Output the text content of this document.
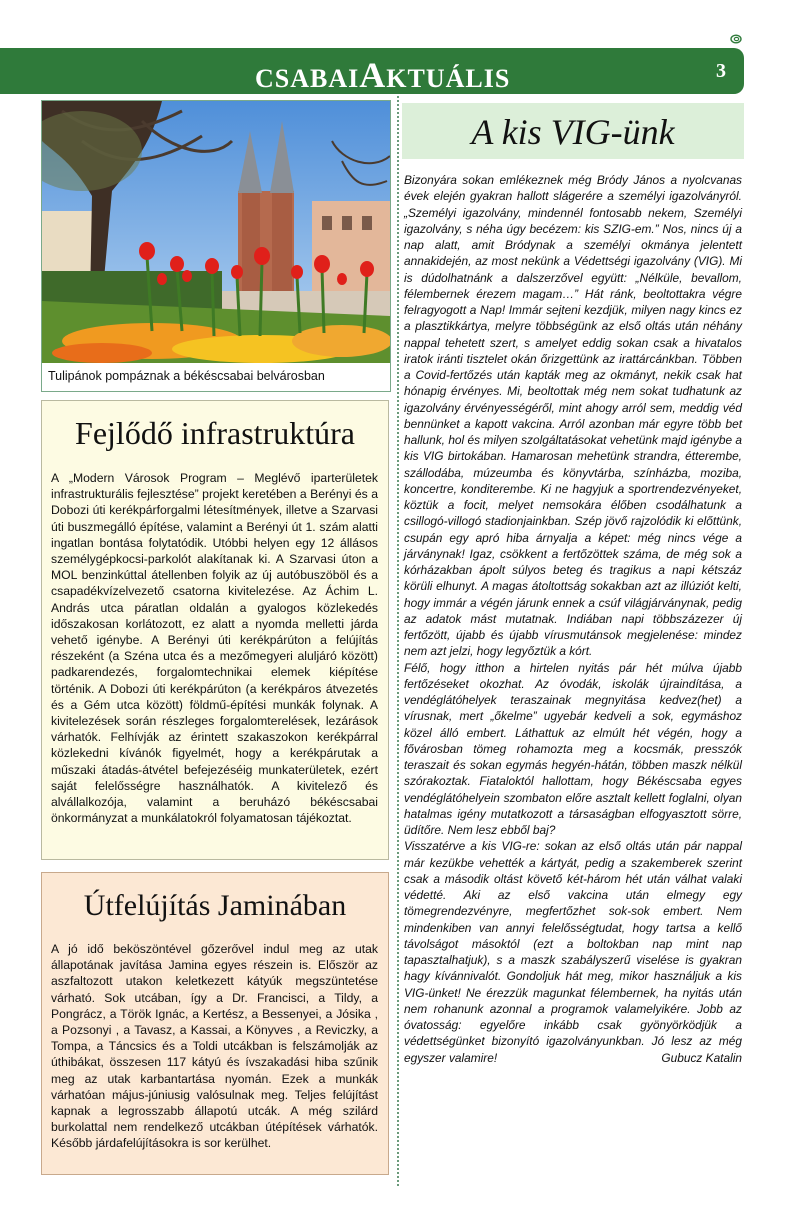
CSABAIAKTUÁLIS	3
Tulipánok pompáznak a békéscsabai belvárosban
Fejlődő infrastruktúra
A „Modern Városok Program – Meglévő iparterületek infrastrukturális fejlesztése” projekt keretében a Berényi és a Dobozi úti kerékpárforgalmi létesítmények, illetve a Szarvasi úti buszmegálló építése, valamint a Berényi út 1. szám alatti ingatlan bontása folytatódik. Utóbbi helyen egy 12 állásos személygépkocsi-parkolót alakítanak ki. A Szarvasi úton a MOL benzinkúttal átellenben folyik az új autóbuszöböl és a csapadékvízelvezető csatorna kivitelezése. Az Áchim L. András utca páratlan oldalán a gyalogos közlekedés időszakosan korlátozott, ez alatt a nyomda melletti járda vehető igénybe. A Berényi úti kerékpárúton a felújítás részeként (a Széna utca és a mezőmegyeri aluljáró között) padkarendezés, forgalomtechnikai elemek kiépítése történik. A Dobozi úti kerékpárúton (a kerékpáros átvezetés és a Gém utca között) földmű-építési munkák folynak. A kivitelezések során részleges forgalomterelések, lezárások várhatók. Felhívják az érintett szakaszokon kerékpárral közlekedni kívánók figyelmét, hogy a kerékpárutak a műszaki átadás-átvétel befejezéséig munkaterületek, ezért saját felelősségre használhatók. A kivitelező és alvállalkozója, valamint a beruházó békéscsabai önkormányzat a munkálatokról folyamatosan tájékoztat.
Útfelújítás Jaminában
A jó idő beköszöntével gőzerővel indul meg az utak állapotának javítása Jamina egyes részein is. Először az aszfaltozott utakon keletkezett kátyúk megszüntetése várható. Sok utcában, így a Dr. Francisci, a Tildy, a Pongrácz, a Török Ignác, a Kertész, a Bessenyei, a Jósika , a Pozsonyi , a Tavasz, a Kassai, a Könyves , a Reviczky, a Tompa, a Táncsics és a Toldi utcákban is felszámolják az úthibákat, összesen 117 kátyú és ívszakadási hiba szűnik meg az utak karbantartása nyomán. Ezek a munkák várhatóan május-júniusig valósulnak meg. Teljes felújítást kapnak a legrosszabb állapotú utcák. A még szilárd burkolattal nem rendelkező utcákban útépítések várhatók. Később járdafelújításokra is sor kerülhet.
A kis VIG-ünk

Bizonyára sokan emlékeznek még Bródy János a nyolcvanas évek elején gyakran hallott slágerére a személyi igazolványról. „Személyi igazolvány, mindennél fontosabb nekem, Személyi igazolvány, s néha úgy becézem: kis SZIG-em.” Nos, nincs új a nap alatt, amit Bródynak a személyi okmánya jelentett annakidején, az most nekünk a Védettségi igazolvány (VIG). Mi is dúdolhatnánk a dalszerzővel együtt: „Nélküle, bevallom, félembernek érezem magam…” Hát ránk, beoltottakra végre felragyogott a Nap! Immár sejteni kezdjük, milyen nagy kincs ez a plasztikkártya, melyre többségünk az első oltás után néhány nappal tehetett szert, s amelyet eddig sokan csak a hivatalos iratok iránti tisztelet okán őrizgettünk az irattárcánkban. Többen a Covid-fertőzés után kapták meg az okmányt, nekik csak hat hónapig érvényes. Mi, beoltottak még nem sokat tudhatunk az igazolvány érvényességéről, mint ahogy arról sem, meddig véd bennünket a kapott vakcina. Arról azonban már egyre több bet hallunk, hol és milyen szolgáltatásokat vehetünk majd igénybe a kis VIG birtokában. Hamarosan mehetünk strandra, étterembe, szállodába, múzeumba és könyvtárba, színházba, moziba, koncertre, konditerembe. Ki ne hagyjuk a sportrendezvényeket, köztük a focit, melyet nemsokára élőben csodálhatunk a csillogó-villogó stadionjainkban. Szép jövő rajzolódik ki előttünk, csupán egy apró hiba árnyalja a képet: még nincs vége a járványnak! Igaz, csökkent a fertőzöttek száma, de még sok a kórházakban ápolt súlyos beteg és tragikus a napi kétszáz körüli elhunyt. A magas átoltottság sokakban azt az illúziót kelti, hogy immár a végén járunk ennek a csúf világjárványnak, pedig az adatok mást mutatnak. Indiában napi többszázezer új fertőzött, újabb és újabb vírusmutánsok megjelenése: mindez nem azt jelzi, hogy legyőztük a kórt.

Félő, hogy itthon a hirtelen nyitás pár hét múlva újabb fertőzéseket okozhat. Az óvodák, iskolák újraindítása, a vendéglátóhelyek teraszainak megnyitása kedvez(het) a vírusnak, mert „őkelme” ugyebár kedveli a sok, egymáshoz közel álló embert. Láthattuk az elmúlt hét végén, hogy a fővárosban tömeg rohamozta meg a kocsmák, presszók teraszait és sokan egymás hegyén-hátán, többen maszk nélkül szórakoztak. Fiataloktól hallottam, hogy Békéscsaba egyes vendéglátóhelyein szombaton előre asztalt kellett foglalni, olyan hatalmas igény mutatkozott a társaságban elfogyasztott sörre, üdítőre. Nem lesz ebből baj?

Visszatérve a kis VIG-re: sokan az első oltás után pár nappal már kezükbe vehették a kártyát, pedig a szakemberek szerint csak a második oltást követő két-három hét után válhat valaki védetté. Aki az első vakcina után elmegy egy tömegrendezvényre, megfertőzhet sok-sok embert. Nem mindenkiben van annyi felelősségtudat, hogy tartsa a kellő távolságot másoktól (ezt a boltokban nap mint nap tapasztalhatjuk), s a maszk szabályszerű viselése is gyakran hagy kívánnivalót. Gondoljuk hát meg, mikor használjuk a kis VIG-ünket! Ne érezzük magunkat félembernek, ha nyitás után nem rohanunk azonnal a programok valamelyikére. Jobb az óvatosság: egyelőre inkább csak gyönyörködjük a védettségünket bizonyító igazolványunkban. Jó lesz az még egyszer valamire!	Gubucz Katalin
